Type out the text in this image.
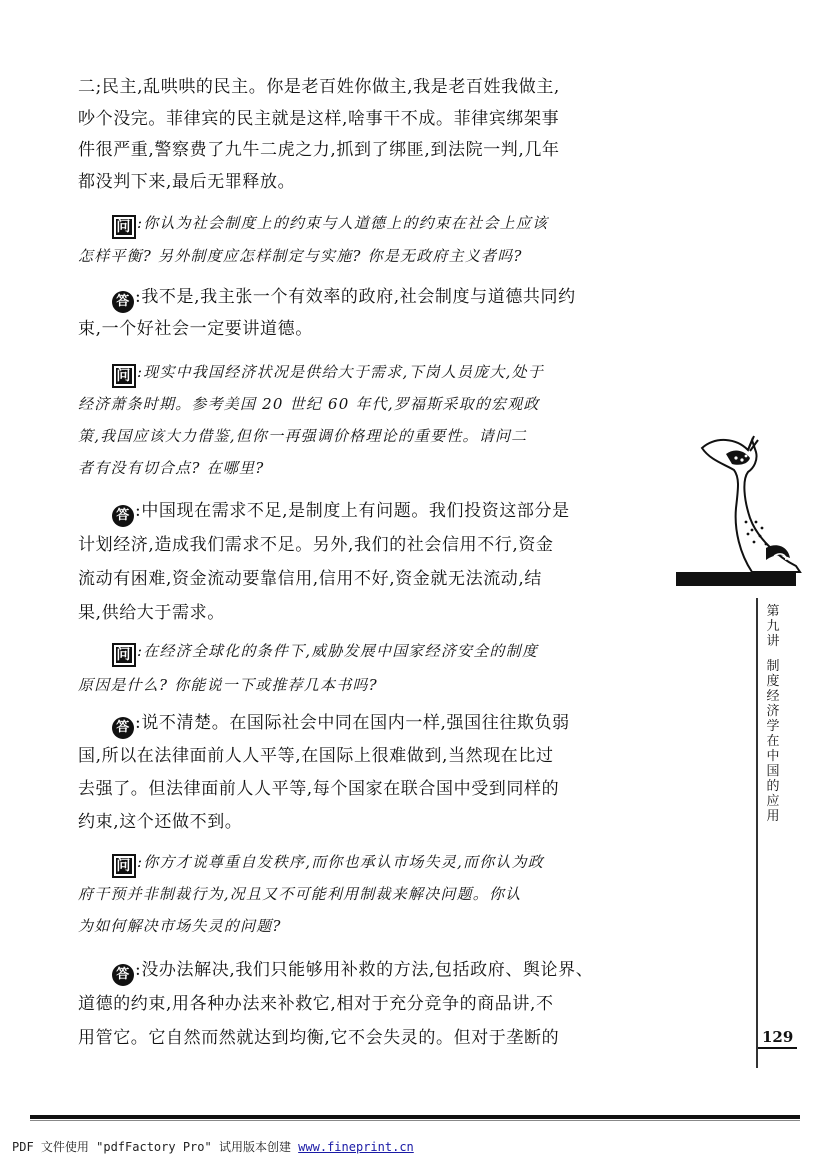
二;民主,乱哄哄的民主。你是老百姓你做主,我是老百姓我做主,
吵个没完。菲律宾的民主就是这样,啥事干不成。菲律宾绑架事
件很严重,警察费了九牛二虎之力,抓到了绑匪,到法院一判,几年
都没判下来,最后无罪释放。
问 :你认为社会制度上的约束与人道德上的约束在社会上应该
怎样平衡? 另外制度应怎样制定与实施? 你是无政府主义者吗?
答 :我不是,我主张一个有效率的政府,社会制度与道德共同约
束,一个好社会一定要讲道德。
问 :现实中我国经济状况是供给大于需求,下岗人员庞大,处于
经济萧条时期。参考美国 20 世纪 60 年代,罗福斯采取的宏观政
策,我国应该大力借鉴,但你一再强调价格理论的重要性。请问二
者有没有切合点? 在哪里?
答 :中国现在需求不足,是制度上有问题。我们投资这部分是
计划经济,造成我们需求不足。另外,我们的社会信用不行,资金
流动有困难,资金流动要靠信用,信用不好,资金就无法流动,结
果,供给大于需求。
问 :在经济全球化的条件下,威胁发展中国家经济安全的制度
原因是什么? 你能说一下或推荐几本书吗?
答 :说不清楚。在国际社会中同在国内一样,强国往往欺负弱
国,所以在法律面前人人平等,在国际上很难做到,当然现在比过
去强了。但法律面前人人平等,每个国家在联合国中受到同样的
约束,这个还做不到。
问 :你方才说尊重自发秩序,而你也承认市场失灵,而你认为政
府干预并非制裁行为,况且又不可能利用制裁来解决问题。你认
为如何解决市场失灵的问题?
答 :没办法解决,我们只能够用补救的方法,包括政府、舆论界、
道德的约束,用各种办法来补救它,相对于充分竞争的商品讲,不
用管它。它自然而然就达到均衡,它不会失灵的。但对于垄断的
第
九
讲
制
度
经
济
学
在
中
国
的
应
用
129
PDF 文件使用 "pdfFactory Pro" 试用版本创建 www.fineprint.cn
